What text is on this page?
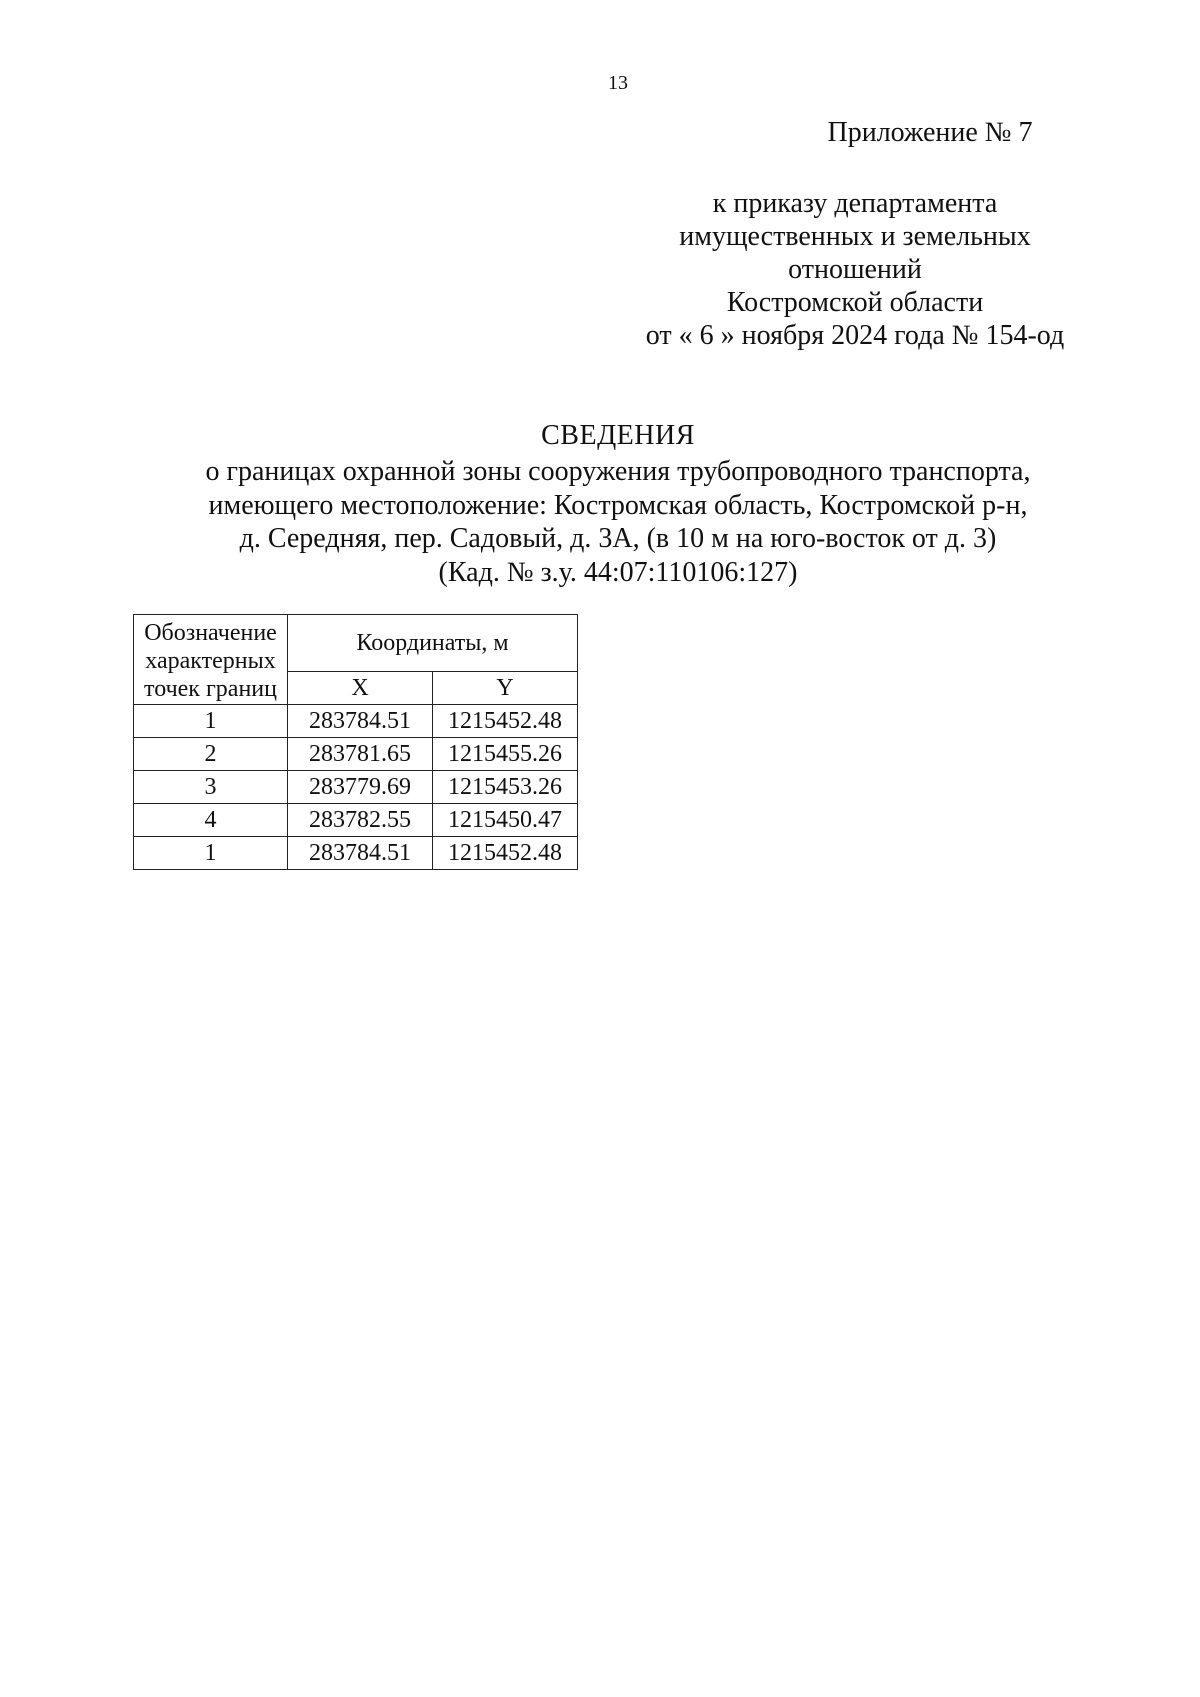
13
Приложение № 7
к приказу департамента
имущественных и земельных
отношений
Костромской области
от « 6 » ноября 2024 года № 154-од
СВЕДЕНИЯ
о границах охранной зоны сооружения трубопроводного транспорта,
имеющего местоположение: Костромская область, Костромской р-н,
д. Середняя, пер. Садовый, д. 3А, (в 10 м на юго-восток от д. 3)
(Кад. № з.у. 44:07:110106:127)
Обозначение
характерных
точек границ	Координаты, м	
	X	Y
1	283784.51	1215452.48
2	283781.65	1215455.26
3	283779.69	1215453.26
4	283782.55	1215450.47
1	283784.51	1215452.48
